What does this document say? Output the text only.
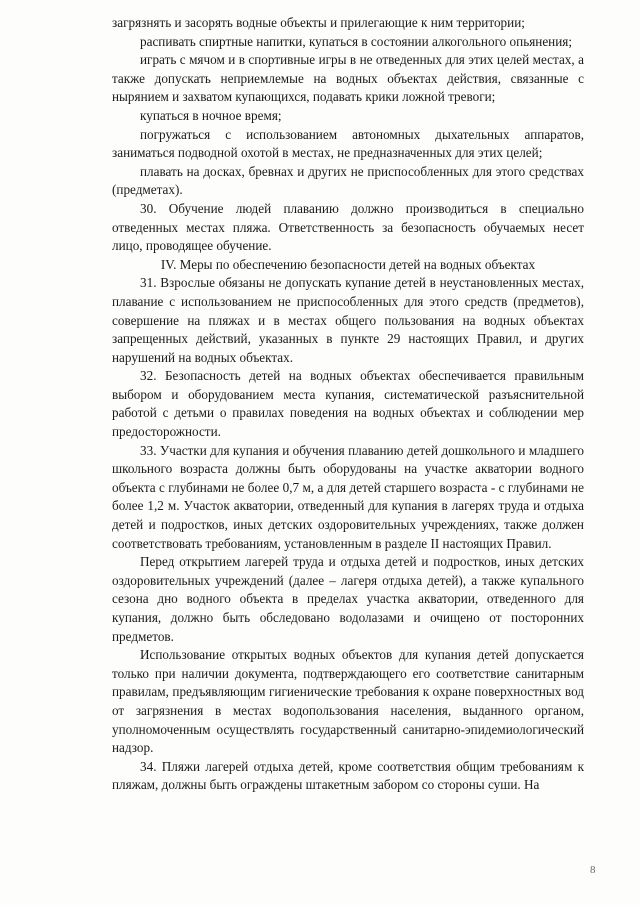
загрязнять и засорять водные объекты и прилегающие к ним территории;

распивать спиртные напитки, купаться в состоянии алкогольного опьянения;

играть с мячом и в спортивные игры в не отведенных для этих целей местах, а также допускать неприемлемые на водных объектах действия, связанные с нырянием и захватом купающихся, подавать крики ложной тревоги;

купаться в ночное время;

погружаться с использованием автономных дыхательных аппаратов, заниматься подводной охотой в местах, не предназначенных для этих целей;

плавать на досках, бревнах и других не приспособленных для этого средствах (предметах).

30. Обучение людей плаванию должно производиться в специально отведенных местах пляжа. Ответственность за безопасность обучаемых несет лицо, проводящее обучение.

IV. Меры по обеспечению безопасности детей на водных объектах

31. Взрослые обязаны не допускать купание детей в неустановленных местах, плавание с использованием не приспособленных для этого средств (предметов), совершение на пляжах и в местах общего пользования на водных объектах запрещенных действий, указанных в пункте 29 настоящих Правил, и других нарушений на водных объектах.

32. Безопасность детей на водных объектах обеспечивается правильным выбором и оборудованием места купания, систематической разъяснительной работой с детьми о правилах поведения на водных объектах и соблюдении мер предосторожности.

33. Участки для купания и обучения плаванию детей дошкольного и младшего школьного возраста должны быть оборудованы на участке акватории водного объекта с глубинами не более 0,7 м, а для детей старшего возраста - с глубинами не более 1,2 м. Участок акватории, отведенный для купания в лагерях труда и отдыха детей и подростков, иных детских оздоровительных учреждениях, также должен соответствовать требованиям, установленным в разделе II настоящих Правил.

Перед открытием лагерей труда и отдыха детей и подростков, иных детских оздоровительных учреждений (далее – лагеря отдыха детей), а также купального сезона дно водного объекта в пределах участка акватории, отведенного для купания, должно быть обследовано водолазами и очищено от посторонних предметов.

Использование открытых водных объектов для купания детей допускается только при наличии документа, подтверждающего его соответствие санитарным правилам, предъявляющим гигиенические требования к охране поверхностных вод от загрязнения в местах водопользования населения, выданного органом, уполномоченным осуществлять государственный санитарно-эпидемиологический надзор.

34. Пляжи лагерей отдыха детей, кроме соответствия общим требованиям к пляжам, должны быть ограждены штакетным забором со стороны суши. На

8
